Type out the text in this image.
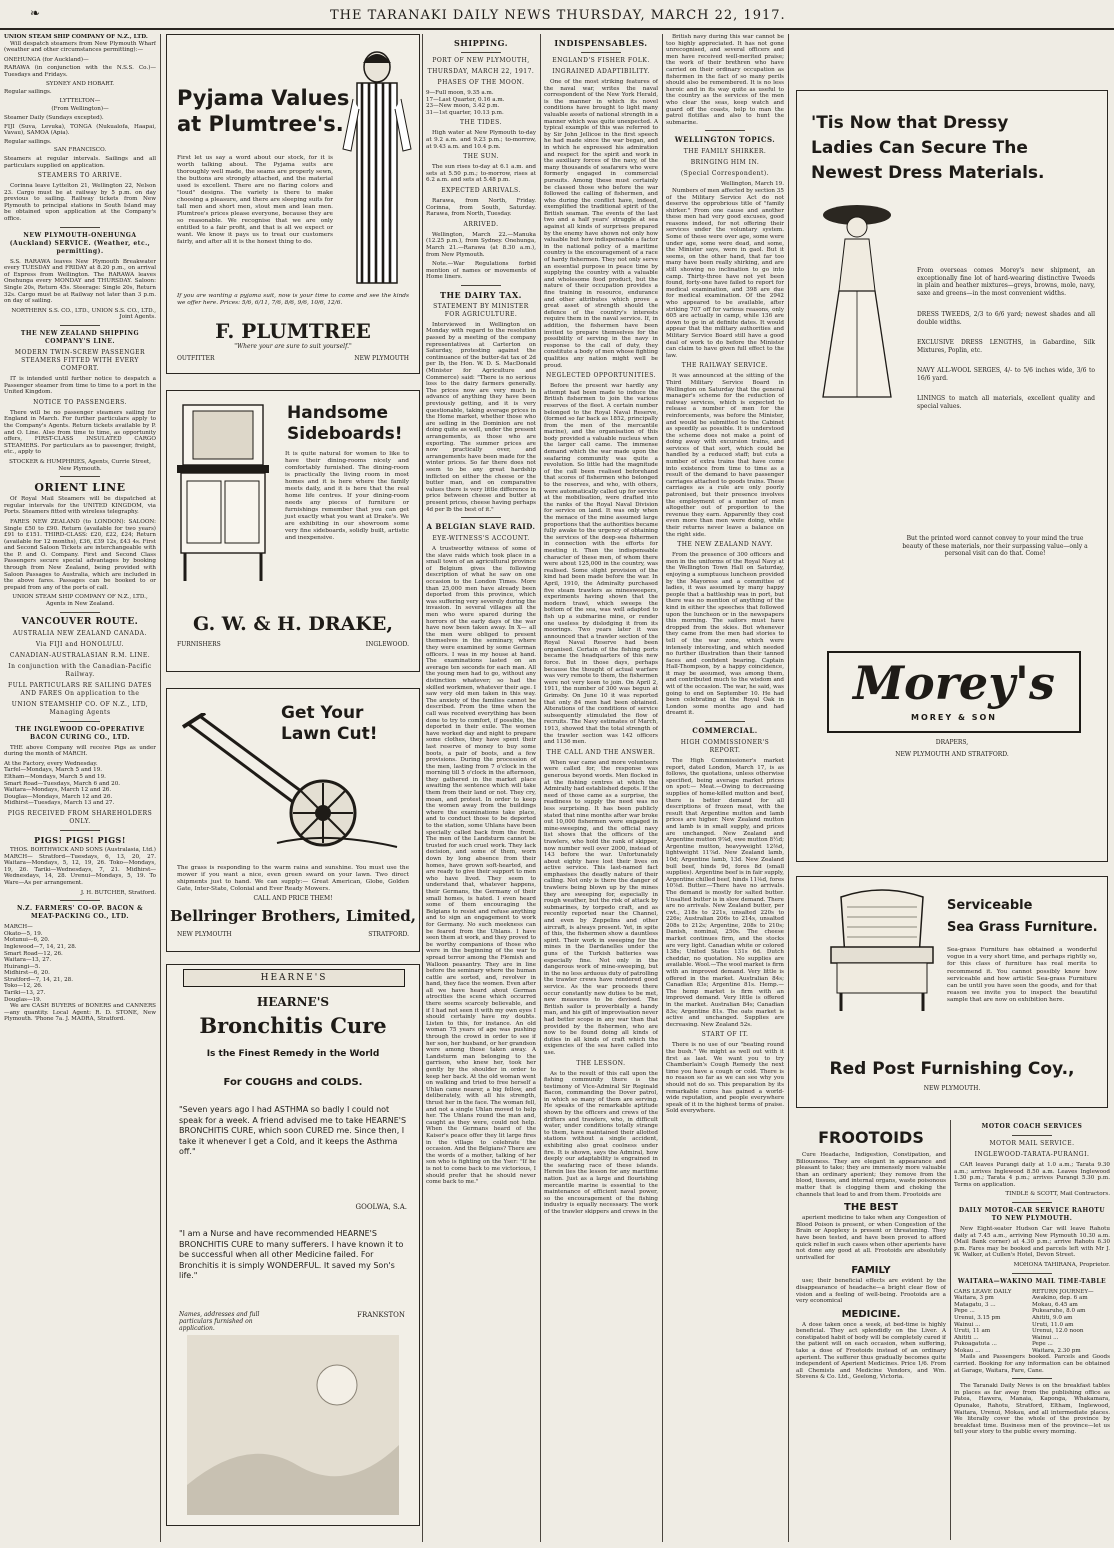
❧	THE TARANAKI DAILY NEWS THURSDAY, MARCH 22, 1917.
UNION STEAM SHIP COMPANY OF N.Z., LTD.

Will despatch steamers from New Plymouth Wharf (weather and other circumstances permitting):—

ONEHUNGA (for Auckland)—
RARAWA (in conjunction with the N.S.S. Co.)—Tuesdays and Fridays.
SYDNEY AND HOBART.
Regular sailings.
LYTTELTON—
(From Wellington)—
Steamer Daily (Sundays excepted).
FIJI (Suva, Levuka), TONGA (Nukualofa, Haapai, Vavau), SAMOA (Apia).
Regular sailings.
SAN FRANCISCO.
Steamers at regular intervals. Sailings and all particulars supplied on application.
STEAMERS TO ARRIVE.

Corinna leave Lyttelton 21, Wellington 22, Nelson 23. Cargo must be at railway by 5 p.m. on day previous to sailing. Railway tickets from New Plymouth to principal stations in South Island may be obtained upon application at the Company's office.

NEW PLYMOUTH-ONEHUNGA (Auckland) SERVICE. (Weather, etc., permitting).

S.S. RARAWA leaves New Plymouth Breakwater every TUESDAY and FRIDAY at 8.20 p.m., on arrival of Express from Wellington. The RARAWA leaves Onehunga every MONDAY and THURSDAY. Saloon: Single 20s, Return 45s. Steerage: Single 20s, Return 32s. Cargo must be at Railway not later than 3 p.m. on day of sailing.

NORTHERN S.S. CO., LTD., UNION S.S. CO., LTD., Joint Agents.
THE NEW ZEALAND SHIPPING COMPANY'S LINE.
MODERN TWIN-SCREW PASSENGER STEAMERS FITTED WITH EVERY COMFORT.

IT is intended until further notice to despatch a Passenger steamer from time to time to a port in the United Kingdom.

NOTICE TO PASSENGERS.

There will be no passenger steamers sailing for England in March. For further particulars apply to the Company's Agents. Return tickets available by P. and O. Line. Also from time to time, as opportunity offers, FIRST-CLASS INSULATED CARGO STEAMERS. For particulars as to passenger, freight, etc., apply to

STOCKER & HUMPHRIES, Agents, Currie Street, New Plymouth.
ORIENT LINE

Of Royal Mail Steamers will be dispatched at regular intervals for the UNITED KINGDOM, via Ports. Steamers fitted with wireless telegraphy.

FARES NEW ZEALAND (to LONDON): SALOON: Single £50 to £90. Return (available for two years) £91 to £151. THIRD-CLASS: £20, £22, £24; Return (available for 12 months), £36, £39 12s, £43 4s. First and Second Saloon Tickets are interchangeable with the P. and O. Company. First and Second Class Passengers secure special advantages by booking through from New Zealand, being provided with Saloon Passages to Australia, which are included in the above fares. Passages can be booked to or prepaid from any of the ports of call.

UNION STEAM SHIP COMPANY OF N.Z., LTD., Agents in New Zealand.
VANCOUVER ROUTE.
AUSTRALIA NEW ZEALAND CANADA.
Via FIJI and HONOLULU.
CANADIAN-AUSTRALASIAN R.M. LINE.
In conjunction with the Canadian-Pacific Railway.
FULL PARTICULARS RE SAILING DATES AND FARES On application to the
UNION STEAMSHIP CO. OF N.Z., LTD, Managing Agents
THE INGLEWOOD CO-OPERATIVE BACON CURING CO., LTD.

THE above Company will receive Pigs as under during the month of MARCH.

At the Factory, every Wednesday.
Tarfel—Mondays, March 5 and 19.
Eltham—Mondays, March 5 and 19.
Smart Road—Tuesdays, March 6 and 20.
Waitara—Mondays, March 12 and 26.
Douglas—Mondays, March 12 and 26.
Midhirst—Tuesdays, March 13 and 27.
PIGS RECEIVED FROM SHAREHOLDERS ONLY.
PIGS! PIGS! PIGS!

THOS. BORTHWICK AND SONS (Australasia, Ltd.) MARCH— Stratford—Tuesdays, 6, 13, 20, 27. Waitara—Mondays, 5, 12, 19, 26. Toko—Mondays, 19, 26. Tariki—Wednesdays, 7, 21. Midhirst—Wednesdays, 14, 28. Urenui—Mondays, 5, 19. To Ware—As per arrangement.

J. H. BUTCHER, Stratford.
N.Z. FARMERS' CO-OP. BACON & MEAT-PACKING CO., LTD.
MARCH—
Okato—5, 19.
Motunui—6, 20.
Inglewood—7, 14, 21, 28.
Smart Road—12, 26.
Waitara—13, 27.
Huirangi—5.
Midhirst—6, 20.
Stratford—7, 14, 21, 28.
Toko—12, 26.
Tariki—13, 27.
Douglas—19.

We are CASH BUYERS of BONERS and CANNERS—any quantity. Local Agent: R. D. STONE, New Plymouth. 'Phone 7a. J. MADRA, Stratford.

Pyjama Values
at Plumtree's.
First let us say a word about our stock, for it is worth talking about. The Pyjama suits are thoroughly well made, the seams are properly sewn, the buttons are strongly attached, and the material used is excellent. There are no flaring colors and "loud" designs. The variety is there to make choosing a pleasure, and there are sleeping suits for tall men and short men, stout men and lean men. Plumtree's prices please everyone, because they are so reasonable. We recognise that we are only entitled to a fair profit, and that is all we expect or want. We know it pays us to treat our customers fairly, and after all it is the honest thing to do.
If you are wanting a pyjama suit, now is your time to come and see the kinds we offer here. Prices: 5/6, 6/11, 7/6, 8/6, 9/6, 10/6, 12/6.
F. PLUMTREE
"Where your are sure to suit yourself."
OUTFITTER	NEW PLYMOUTH
Handsome
Sideboards!
It is quite natural for women to like to have their dining-rooms nicely and comfortably furnished. The dining-room is practically the living room in most homes and it is here where the family meets daily, and it is here that the real home life centres. If your dining-room needs any pieces of furniture or furnishings remember that you can get just exactly what you want at Drake's. We are exhibiting in our showroom some very fine sideboards, solidly built, artistic and inexpensive.
G. W. & H. DRAKE,
FURNISHERS	INGLEWOOD.
Get Your
Lawn Cut!
The grass is responding to the warm rains and sunshine. You must use the mower if you want a nice, even green sward on your lawn. Two direct shipments just to hand. We can supply:— Great American, Globe, Golden Gate, Inter-State, Colonial and Ever Ready Mowers.
CALL AND PRICE THEM!
Bellringer Brothers, Limited,
NEW PLYMOUTH	STRATFORD.
HEARNE'S
HEARNE'S
Bronchitis Cure
Is the Finest Remedy in the World
For COUGHS and COLDS.
"Seven years ago I had ASTHMA so badly I could not speak for a week. A friend advised me to take HEARNE'S BRONCHITIS CURE, which soon CURED me. Since then, I take it whenever I get a Cold, and it keeps the Asthma off."
GOOLWA, S.A.
"I am a Nurse and have recommended HEARNE'S BRONCHITIS CURE to many sufferers. I have known it to be successful when all other Medicine failed. For Bronchitis it is simply WONDERFUL. It saved my Son's life."
Names, addresses and full particulars furnished on application.
FRANKSTON
SHIPPING.
PORT OF NEW PLYMOUTH,
THURSDAY, MARCH 22, 1917.
PHASES OF THE MOON.
9—Full moon, 9.35 a.m.
17—Last Quarter, 0.16 a.m.
23—New moon, 3.42 p.m.
31—1st quarter, 10.13 p.m.
THE TIDES.

High water at New Plymouth to-day at 9.2 a.m. and 9.23 p.m.; to-morrow, at 9.43 a.m. and 10.4 p.m.

THE SUN.

The sun rises to-day at 6.1 a.m. and sets at 5.50 p.m.; to-morrow, rises at 6.2 a.m. and sets at 5.48 p.m.

EXPECTED ARRIVALS.

Rarawa, from North, Friday. Corinna, from South, Saturday. Rarawa, from North, Tuesday.

ARRIVED.

Wellington, March 22.—Manuka (12.25 p.m.), from Sydney. Onehunga, March 21.—Rarawa (at 8.30 a.m.), from New Plymouth.

Note.—War Regulations forbid mention of names or movements of Home liners.

THE DAIRY TAX.
STATEMENT BY MINISTER FOR AGRICULTURE.

Interviewed in Wellington on Monday with regard to the resolution passed by a meeting of the company representatives at Carterton on Saturday, protesting against the continuance of the butter-fat tax of 2d per lb, the Hon. W. D. S. MacDonald (Minister for Agriculture and Commerce) said: "There is no serious loss to the dairy farmers generally. The prices now are very much in advance of anything they have been previously getting, and it is very questionable, taking average prices in the Home market, whether those who are selling in the Dominion are not doing quite as well, under the present arrangements, as those who are exporting. The summer prices are now practically over, and arrangements have been made for the winter prices. So far there does not seem to be any great hardship inflicted on either the cheese or the butter man, and on comparative values there is very little difference in price between cheese and butter at present prices, cheese having perhaps 4d per lb the best of it."

A BELGIAN SLAVE RAID.
EYE-WITNESS'S ACCOUNT.

A trustworthy witness of some of the slave raids which took place in a small town of an agricultural province of Belgium gives the following description of what he saw on one occasion to the London Times. More than 25,000 men have already been deported from this province, which was suffering very severely during the invasion. In several villages all the men who were spared during the horrors of the early days of the war have now been taken away. In X— all the men were obliged to present themselves in the seminary, where they were examined by some German officers. I was in my house at hand. The examinations lasted on an average ten seconds for each man. All the young men had to go, without any distinction whatever; so had the skilled workmen, whatever their age. I saw very old men taken in this way. The anxiety of the families cannot be described. From the time when the call was received everything has been done to try to comfort, if possible, the deported in their exile. The women have worked day and night to prepare some clothes, they have spent their last reserve of money to buy some boots, a pair of boots, and a few provisions. During the procession of the men, lasting from 7 o'clock in the morning till 5 o'clock in the afternoon, they gathered in the market place awaiting the sentence which will take them from their land or not. They cry, moan, and protest. In order to keep the women away from the buildings where the examinations take place, and to conduct those to be deported to the station, some Uhlans have been specially called back from the front. The men of the Landsturm cannot be trusted for such cruel work. They lack decision, and some of them, worn down by long absence from their homes, have grown soft-hearted, and are ready to give their support to men who have lived. They seem to understand that, whatever happens, their Germans, the Germany of their small homes, is hated. I even heard some of them encouraging the Belgians to resist and refuse anything and to sign an engagement to work for Germany. No such meekness can be feared from the Uhlans. I have seen them at work, and they proved to be worthy companions of those who were in the beginning of the war to spread terror among the Flemish and Walloon peasantry. They are in line before the seminary where the human cattle are sorted, and, revolver in hand, they face the women. Even after all we have heard about German atrocities the scene which occurred there seems scarcely believable, and if I had not seen it with my own eyes I should certainly have my doubts. Listen to this, for instance. An old woman 75 years of age was pushing through the crowd in order to see if her son, her husband, or her grandson were among those taken away. A Landsturm man belonging to the garrison, who knew her, took her gently by the shoulder in order to keep her back. At the old woman went on walking and tried to free herself a Uhlan came nearer, a big fellow, and deliberately, with all his strength, thrust her in the face. The woman fell, and not a single Uhlan moved to help her. The Uhlans round the man and, caught as they were, could not help. When the Germans heard of the Kaiser's peace offer they lit large fires in the village to celebrate the occasion. And the Belgians? There are the words of a mother, talking of her son who is fighting on the Yser: "If he is not to come back to me victorious, I should prefer that he should never come back to me."

INDISPENSABLES.
ENGLAND'S FISHER FOLK.
INGRAINED ADAPTIBILITY.

One of the most striking features of the naval war, writes the naval correspondent of the New York Herald, is the manner in which its novel conditions have brought to light many valuable assets of national strength in a manner which was quite unexpected. A typical example of this was referred to by Sir John Jellicoe in the first speech he had made since the war began, and in which he expressed his admiration and respect for the spirit and work in the auxiliary forces of the navy, of the many thousands of seafarers who were formerly engaged in commercial pursuits. Among these must certainly be classed those who before the war followed the calling of fishermen, and who during the conflict have, indeed, exemplified the traditional spirit of the British seaman. The events of the last two and a half years' struggle at sea against all kinds of surprises prepared by the enemy have shown not only how valuable but how indispensable a factor in the national policy of a maritime country is the encouragement of a race of hardy fishermen. They not only serve an essential purpose in peace time by supplying the country with a valuable and wholesome food product, but the nature of their occupation provides a fine training in resource, endurance and other attributes which prove a great asset of strength should the defence of the country's interests require them in the naval service. If, in addition, the fishermen have been invited to prepare themselves for the possibility of serving in the navy in response to the call of duty, they constitute a body of men whose fighting qualities any nation might well be proud.

NEGLECTED OPPORTUNITIES.

Before the present war hardly any attempt had been made to induce the British fishermen to join the various reserves of the fleet. A certain number belonged to the Royal Naval Reserve, (formed so far back as 1852, principally from the men of the mercantile marine), and the organisation of this body provided a valuable nucleus when the larger call came. The immense demand which the war made upon the seafaring community was quite a revolution. So little had the magnitude of the call been realised beforehand that scores of fishermen who belonged to the reserves, and who, with others, were automatically called up for service at the mobilisation, were drafted into the ranks of the Royal Naval Division for service on land. It was only when the menace of the mine assumed large proportions that the authorities became fully awake to the urgency of obtaining the services of the deep-sea fishermen in connection with the efforts for meeting it. Then the indispensable character of these men, of whom there were about 125,000 in the country, was realised. Some slight provision of the kind had been made before the war. In April, 1910, the Admiralty purchased five steam trawlers as minesweepers, experiments having shown that the modern trawl, which sweeps the bottom of the sea, was well adapted to fish up a submarine mine, or render one useless by dislodging it from its moorings. Two years later it was announced that a trawler section of the Royal Naval Reserve had been organised. Certain of the fishing ports became the headquarters of this new force. But in those days, perhaps because the thought of actual warfare was very remote to them, the fishermen were not very keen to join. On April 2, 1911, the number of 300 was begun at Grimsby. On June 10 it was reported that only 84 men had been obtained. Alterations of the conditions of service subsequently stimulated the flow of recruits. The Navy estimates of March, 1913, showed that the total strength of the trawler section was 142 officers and 1136 men.

THE CALL AND THE ANSWER.

When war came and more volunteers were called for, the response was generous beyond words. Men flocked in at the fishing centres at which the Admiralty had established depots. If the need of those came as a surprise, the readiness to supply the need was no less surprising. It has been publicly stated that nine months after war broke out 10,000 fishermen were engaged in mine-sweeping, and the official navy list shows that the officers of the trawlers, who hold the rank of skipper, now number well over 2000, instead of 143 before the war. Unfortunately about eighty have lost their lives on active service. This last-named fact emphasises the deadly nature of their calling. Not only is there the danger of trawlers being blown up by the mines they are sweeping for, especially in rough weather, but the risk of attack by submarines, by torpedo craft, and as recently reported near the Channel, and even by Zeppelins and other aircraft, is always present. Yet, in spite of this, the fishermen show a dauntless spirit. Their work in sweeping for the mines in the Dardanelles under the guns of the Turkish batteries was especially fine. Not only in the dangerous work of mine-sweeping, but in the no less arduous duty of patrolling the trawler crews have rendered good service. As the war proceeds there occur constantly new duties to be met, new measures to be devised. The British sailor is proverbially a handy man, and his gift of improvisation never had better scope in any war than that provided by the fishermen, who are now to be found doing all kinds of duties in all kinds of craft which the exigencies of the sea have called into use.

THE LESSON.

As to the result of this call upon the fishing community there is the testimony of Vice-Admiral Sir Reginald Bacon, commanding the Dover patrol, in which so many of them are serving. He speaks of the remarkable aptitude shown by the officers and crews of the drifters and trawlers, who, in difficult water, under conditions totally strange to them, have maintained their allotted stations without a single accident, exhibiting also great coolness under fire. It is shown, says the Admiral, how deeply our adaptability is engrained in the seafaring race of these islands. Herein lies the lesson for any maritime nation. Just as a large and flourishing mercantile marine is essential to the maintenance of efficient naval power, so the encouragement of the fishing industry is equally necessary. The work of the trawler skippers and crews in the

British navy during this war cannot be too highly appreciated. It has not gone unrecognised, and several officers and men have received well-merited praise; the work of their brethren who have carried on their ordinary occupation as fishermen in the fact of so many perils should also be remembered. It is no less heroic and in its way quite as useful to the country as the services of the men who clear the seas, keep watch and guard off the coasts, help to man the patrol flotillas and also to hunt the submarine.

WELLINGTON TOPICS.
THE FAMILY SHIRKER.
BRINGING HIM IN.
(Special Correspondent).
Wellington, March 19.

Numbers of men affected by section 35 of the Military Service Act do not deserve the opprobrious title of "family shirker." From one cause and another these men had very good excuses, good reasons indeed, for not offering their services under the voluntary system. Some of these were over age, some were under age, some were dead, and some, the Minister says, were in gaol. But it seems, on the other hand, that far too many have been really shirking, and are still showing no inclination to go into camp. Thirty-three have not yet been found, forty-one have failed to report for medical examination, and 398 are due for medical examination. Of the 2942 who appeared to be available, after striking 707 off for various reasons, only 605 are actually in camp, while 136 are down to go in at definite dates. It would appear that the military authorities and Military Service Board still have a good deal of work to do before the Minister can claim to have given full effect to the law.

THE RAILWAY SERVICE.

It was announced at the sitting of the Third Military Service Board in Wellington on Saturday that the general manager's scheme for the reduction of railway services, which is expected to release a number of men for the reinforcements, was before the Minister, and would be submitted to the Cabinet as speedily as possible. It is understood the scheme does not make a point of doing away with excursion trains, and services of that sort, which could be handled by a reduced staff; but cuts a number of extra trains that have come into existence from time to time as a result of the demand to have passenger carriages attached to goods trains. These carriages as a rule are only poorly patronised, but their presence involves the employment of a number of men altogether out of proportion to the revenue they earn. Apparently they cost even more than men were doing, while their returns never leave a balance on the right side.

THE NEW ZEALAND NAVY.

From the presence of 300 officers and men in the uniforms of the Royal Navy at the Wellington Town Hall on Saturday, enjoying a sumptuous luncheon provided by the Mayoress and a committee of ladies, it was assumed by many happy people that a battleship was in port, but there was no mention of anything of the kind in either the speeches that followed upon the luncheon or in the newspapers this morning. The sailors must have dropped from the skies. But whenever they came from the men had stories to tell of the war zone, which were intensely interesting, and which needed no further illustration than their tanned faces and confident bearing. Captain Hall-Thompson, by a happy coincidence, it may be assumed, was among them, and contributed much to the wisdom and wit of the occasion. The war, he said, was going to end on September 10. He had been celebrating at the Royal Oak in London some months ago and had dreamt it.

COMMERCIAL.
HIGH COMMISSIONER'S REPORT.

The High Commissioner's market report, dated London, March 17, is as follows, the quotations, unless otherwise specified, being average market prices on spot:— Meat.—Owing to decreasing supplies of home-killed mutton and beef, there is better demand for all descriptions of frozen meat, with the result that Argentine mutton and lamb prices are higher. New Zealand mutton and lamb is in small supply, and prices are unchanged. New Zealand and Argentine mutton 9⅞d, ewe mutton 8½d; Argentine mutton, heavyweight 12⅜d, lightweight 11⅞d. New Zealand lamb, 10d; Argentine lamb, 13d. New Zealand bull beef, hinds 9d, fores 8d (small supplies). Argentine beef is in fair supply, Argentine chilled beef, hinds 11⅛d, fores 10⅞d. Butter.—There have no arrivals. The demand is mostly for salted butter. Unsalted butter is in slow demand. There are no arrivals. New Zealand butter, per cwt., 218s to 221s, unsalted 220s to 226s; Australian 206s to 214s, unsalted 208s to 212s; Argentine, 208s to 210s; Danish, nominal, 250s. The cheese market continues firm, and the stocks are very light. Canadian white or colored 138s; United States 131s 6d. Dutch cheddar, no quotation. No supplies are available. Wool.—The wool market is firm with an improved demand. Very little is offered in the market. Australian 84s; Canadian 83s; Argentine 81s. Hemp.—The hemp market is firm with an improved demand. Very little is offered in the market. Australian 84s; Canadian 83s; Argentine 81s. The oats market is active and unchanged. Supplies are decreasing. New Zealand 52s.

START OF IT.

There is no use of our "beating round the bush." We might as well out with it first as last. We want you to try Chamberlain's Cough Remedy the next time you have a cough or cold. There is no reason so far as we can see why you should not do so. This preparation by its remarkable cures has gained a world-wide reputation, and people everywhere speak of it in the highest terms of praise. Sold everywhere.

'Tis Now that Dressy
Ladies Can Secure The
Newest Dress Materials.
From overseas comes Morey's new shipment, an exceptionally fine lot of hard-wearing distinctive Tweeds in plain and heather mixtures—greys, browns, mole, navy, saxe and greens—in the most convenient widths.
DRESS TWEEDS, 2/3 to 6/6 yard; newest shades and all double widths.
EXCLUSIVE DRESS LENGTHS, in Gabardine, Silk Mixtures, Poplin, etc.
NAVY ALL-WOOL SERGES, 4/- to 5/6 inches wide, 3/6 to 16/6 yard.
LININGS to match all materials, excellent quality and special values.
But the printed word cannot convey to your mind the true beauty of these materials, nor their surpassing value—only a personal visit can do that. Come!
Morey's
MOREY & SON
DRAPERS,
NEW PLYMOUTH AND STRATFORD.
Serviceable
Sea Grass Furniture.
Sea-grass Furniture has obtained a wonderful vogue in a very short time, and perhaps rightly so, for this class of furniture has real merits to recommend it. You cannot possibly know how serviceable and how artistic Sea-grass Furniture can be until you have seen the goods, and for that reason we invite you to inspect the beautiful sample that are now on exhibition here.
Red Post Furnishing Coy.,
NEW PLYMOUTH.
FROOTOIDS

Cure Headache, Indigestion, Constipation, and Biliousness. They are elegant in appearance and pleasant to take; they are immensely more valuable than an ordinary aperient; they remove from the blood, tissues, and internal organs, waste poisonous matter that is clogging them and choking the channels that lead to and from them. Frootoids are

THE BEST

aperient medicine to take when any Congestion of Blood Poison is present, or when Congestion of the Brain or Apoplexy is present or threatening. They have been tested, and have been proved to afford quick relief in such cases when other aperients have not done any good at all. Frootoids are absolutely unrivalled for

FAMILY

use; their beneficial effects are evident by the disappearance of headache—a bright clear flow of vision and a feeling of well-being. Frootoids are a very economical

MEDICINE.

A dose taken once a week, at bed-time is highly beneficial. They act splendidly on the Liver. A constipated habit of body will be completely cured if the patient will on each occasion, when suffering, take a dose of Frootoids instead of an ordinary aperient. The sufferer thus gradually becomes quite independent of Aperient Medicines. Price 1/6. From all Chemists and Medicine Vendors, and Wm. Stevens & Co. Ltd., Geelong, Victoria.

MOTOR COACH SERVICES
MOTOR MAIL SERVICE.
INGLEWOOD-TARATA-PURANGI.

CAR leaves Purangi daily at 1.0 a.m.; Tarata 9.30 a.m.; arrives Inglewood 8.50 a.m. Leaves Inglewood 1.30 p.m.; Tarata 4 p.m.; arrives Purangi 5.30 p.m. Terms on application.

TINDLE & SCOTT, Mail Contractors.
DAILY MOTOR-CAR SERVICE RAHOTU TO NEW PLYMOUTH.

New Eight-seater Hudson Car will leave Rahotu daily at 7.45 a.m., arriving New Plymouth 10.30 a.m. (Mail Bank corner) at 4.30 p.m.; arrive Rahotu 6.30 p.m. Fares may be booked and parcels left with Mr J. W. Walker, at Cullen's Hotel, Devon Street.

MOHONA TAHIRANA, Proprietor.
WAITARA—WAKINO MAIL TIME-TABLE
CARS LEAVE DAILY
Waitara, 3 pm
Matagatu, 3 ...
Pepe ...
Urenui, 3.15 pm
Wainui ...
Uruti, 11 am
Ahititi ...
Pukoagatuta ...
Mokau ...
RETURN JOURNEY—
Awakino, dep. 6 am
Mokau, 6.45 am
Pukearuhe, 8.0 am
Ahititi, 9.0 am
Uruti, 11.0 am
Urenui, 12.0 noon
Wainui ...
Pepe ...
Waitara, 2.30 pm

Mails and Passengers booked. Parcels and Goods carried. Booking for any information can be obtained at Garage, Waitara, Fare, Cane.

The Taranaki Daily News is on the breakfast tables in places as far away from the publishing office as Patea, Hawera, Manaia, Kaponga, Whakamara, Opunake, Rahotu, Stratford, Eltham, Inglewood, Waitara, Urenui, Mokau, and all intermediate places. We literally cover the whole of the province by breakfast time. Business men of the province—let us tell your story to the public every morning.
